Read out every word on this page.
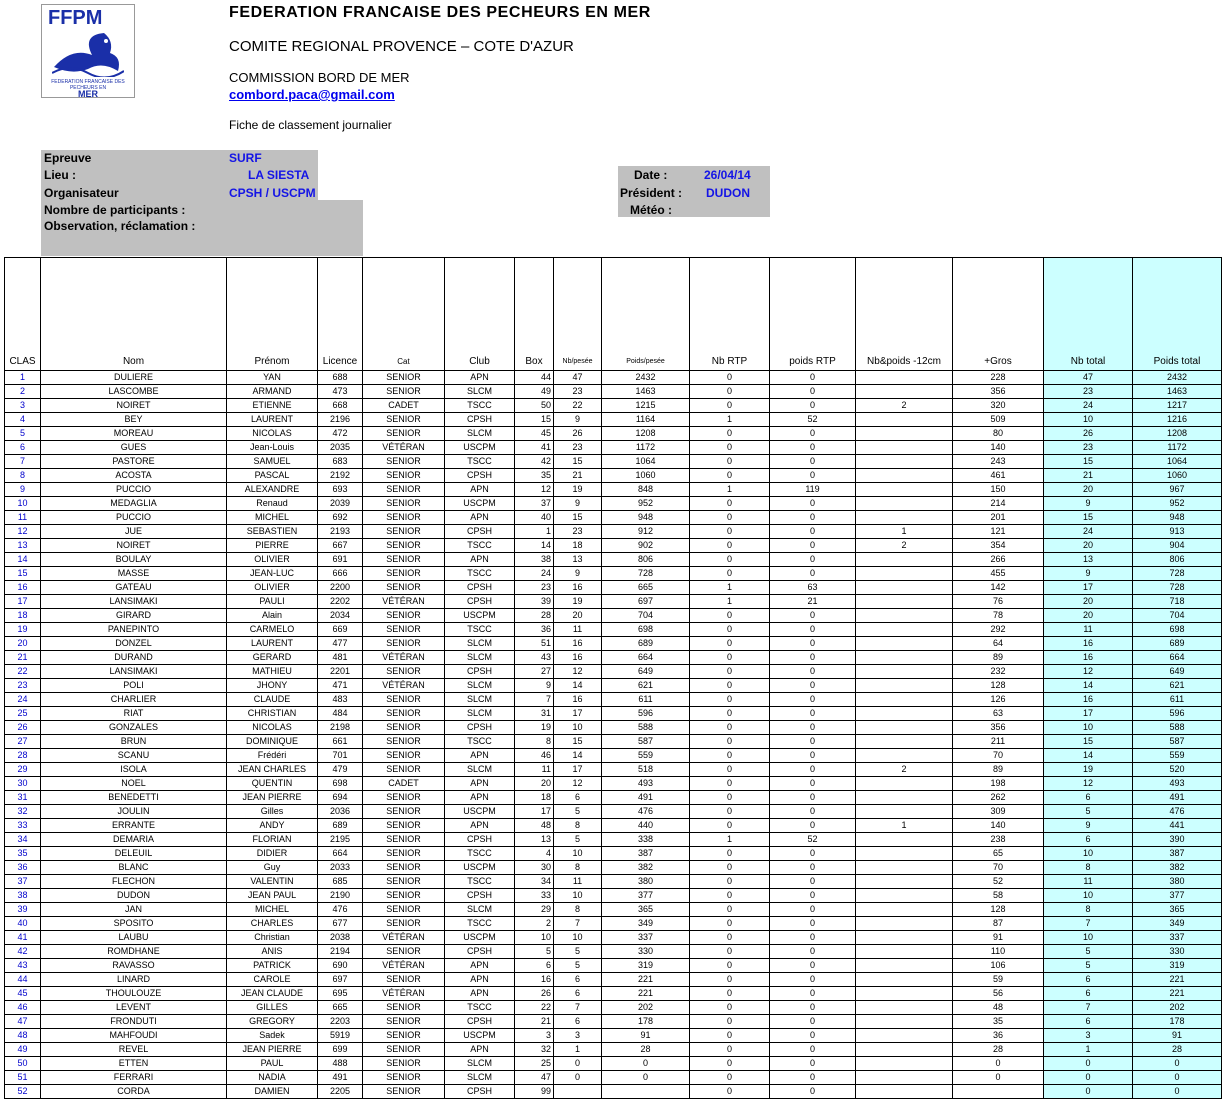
FFPM
FEDERATION FRANCAISE DES PECHEURS EN
MER
FEDERATION FRANCAISE DES PECHEURS EN MER
COMITE REGIONAL PROVENCE – COTE D'AZUR
COMMISSION BORD DE MER
combord.paca@gmail.com
Fiche de classement journalier
Epreuve	SURF
Lieu :	LA SIESTA
Organisateur	CPSH / USCPM
Nombre de participants :
Observation, réclamation :
Date :	26/04/14
Président : DUDON
Météo :
CLAS	Nom	Prénom	Licence	Cat	Club	Box	Nb/pesée	Poids/pesée	Nb RTP	poids RTP	Nb&poids -12cm	+Gros	Nb total	Poids total
1	DULIERE	YAN	688	SENIOR	APN	44	47	2432	0	0		228	47	2432
2	LASCOMBE	ARMAND	473	SENIOR	SLCM	49	23	1463	0	0		356	23	1463
3	NOIRET	ETIENNE	668	CADET	TSCC	50	22	1215	0	0	2	320	24	1217
4	BEY	LAURENT	2196	SENIOR	CPSH	15	9	1164	1	52		509	10	1216
5	MOREAU	NICOLAS	472	SENIOR	SLCM	45	26	1208	0	0		80	26	1208
6	GUES	Jean-Louis	2035	VÉTÉRAN	USCPM	41	23	1172	0	0		140	23	1172
7	PASTORE	SAMUEL	683	SENIOR	TSCC	42	15	1064	0	0		243	15	1064
8	ACOSTA	PASCAL	2192	SENIOR	CPSH	35	21	1060	0	0		461	21	1060
9	PUCCIO	ALEXANDRE	693	SENIOR	APN	12	19	848	1	119		150	20	967
10	MEDAGLIA	Renaud	2039	SENIOR	USCPM	37	9	952	0	0		214	9	952
11	PUCCIO	MICHEL	692	SENIOR	APN	40	15	948	0	0		201	15	948
12	JUE	SEBASTIEN	2193	SENIOR	CPSH	1	23	912	0	0	1	121	24	913
13	NOIRET	PIERRE	667	SENIOR	TSCC	14	18	902	0	0	2	354	20	904
14	BOULAY	OLIVIER	691	SENIOR	APN	38	13	806	0	0		266	13	806
15	MASSE	JEAN-LUC	666	SENIOR	TSCC	24	9	728	0	0		455	9	728
16	GATEAU	OLIVIER	2200	SENIOR	CPSH	23	16	665	1	63		142	17	728
17	LANSIMAKI	PAULI	2202	VÉTÉRAN	CPSH	39	19	697	1	21		76	20	718
18	GIRARD	Alain	2034	SENIOR	USCPM	28	20	704	0	0		78	20	704
19	PANEPINTO	CARMELO	669	SENIOR	TSCC	36	11	698	0	0		292	11	698
20	DONZEL	LAURENT	477	SENIOR	SLCM	51	16	689	0	0		64	16	689
21	DURAND	GERARD	481	VÉTÉRAN	SLCM	43	16	664	0	0		89	16	664
22	LANSIMAKI	MATHIEU	2201	SENIOR	CPSH	27	12	649	0	0		232	12	649
23	POLI	JHONY	471	VÉTÉRAN	SLCM	9	14	621	0	0		128	14	621
24	CHARLIER	CLAUDE	483	SENIOR	SLCM	7	16	611	0	0		126	16	611
25	RIAT	CHRISTIAN	484	SENIOR	SLCM	31	17	596	0	0		63	17	596
26	GONZALES	NICOLAS	2198	SENIOR	CPSH	19	10	588	0	0		356	10	588
27	BRUN	DOMINIQUE	661	SENIOR	TSCC	8	15	587	0	0		211	15	587
28	SCANU	Frédéri	701	SENIOR	APN	46	14	559	0	0		70	14	559
29	ISOLA	JEAN CHARLES	479	SENIOR	SLCM	11	17	518	0	0	2	89	19	520
30	NOEL	QUENTIN	698	CADET	APN	20	12	493	0	0		198	12	493
31	BENEDETTI	JEAN PIERRE	694	SENIOR	APN	18	6	491	0	0		262	6	491
32	JOULIN	Gilles	2036	SENIOR	USCPM	17	5	476	0	0		309	5	476
33	ERRANTE	ANDY	689	SENIOR	APN	48	8	440	0	0	1	140	9	441
34	DEMARIA	FLORIAN	2195	SENIOR	CPSH	13	5	338	1	52		238	6	390
35	DELEUIL	DIDIER	664	SENIOR	TSCC	4	10	387	0	0		65	10	387
36	BLANC	Guy	2033	SENIOR	USCPM	30	8	382	0	0		70	8	382
37	FLECHON	VALENTIN	685	SENIOR	TSCC	34	11	380	0	0		52	11	380
38	DUDON	JEAN PAUL	2190	SENIOR	CPSH	33	10	377	0	0		58	10	377
39	JAN	MICHEL	476	SENIOR	SLCM	29	8	365	0	0		128	8	365
40	SPOSITO	CHARLES	677	SENIOR	TSCC	2	7	349	0	0		87	7	349
41	LAUBU	Christian	2038	VÉTÉRAN	USCPM	10	10	337	0	0		91	10	337
42	ROMDHANE	ANIS	2194	SENIOR	CPSH	5	5	330	0	0		110	5	330
43	RAVASSO	PATRICK	690	VÉTÉRAN	APN	6	5	319	0	0		106	5	319
44	LINARD	CAROLE	697	SENIOR	APN	16	6	221	0	0		59	6	221
45	THOULOUZE	JEAN CLAUDE	695	VÉTÉRAN	APN	26	6	221	0	0		56	6	221
46	LEVENT	GILLES	665	SENIOR	TSCC	22	7	202	0	0		48	7	202
47	FRONDUTI	GREGORY	2203	SENIOR	CPSH	21	6	178	0	0		35	6	178
48	MAHFOUDI	Sadek	5919	SENIOR	USCPM	3	3	91	0	0		36	3	91
49	REVEL	JEAN PIERRE	699	SENIOR	APN	32	1	28	0	0		28	1	28
50	ETTEN	PAUL	488	SENIOR	SLCM	25	0	0	0	0		0	0	0
51	FERRARI	NADIA	491	SENIOR	SLCM	47	0	0	0	0		0	0	0
52	CORDA	DAMIEN	2205	SENIOR	CPSH	99			0	0			0	0
